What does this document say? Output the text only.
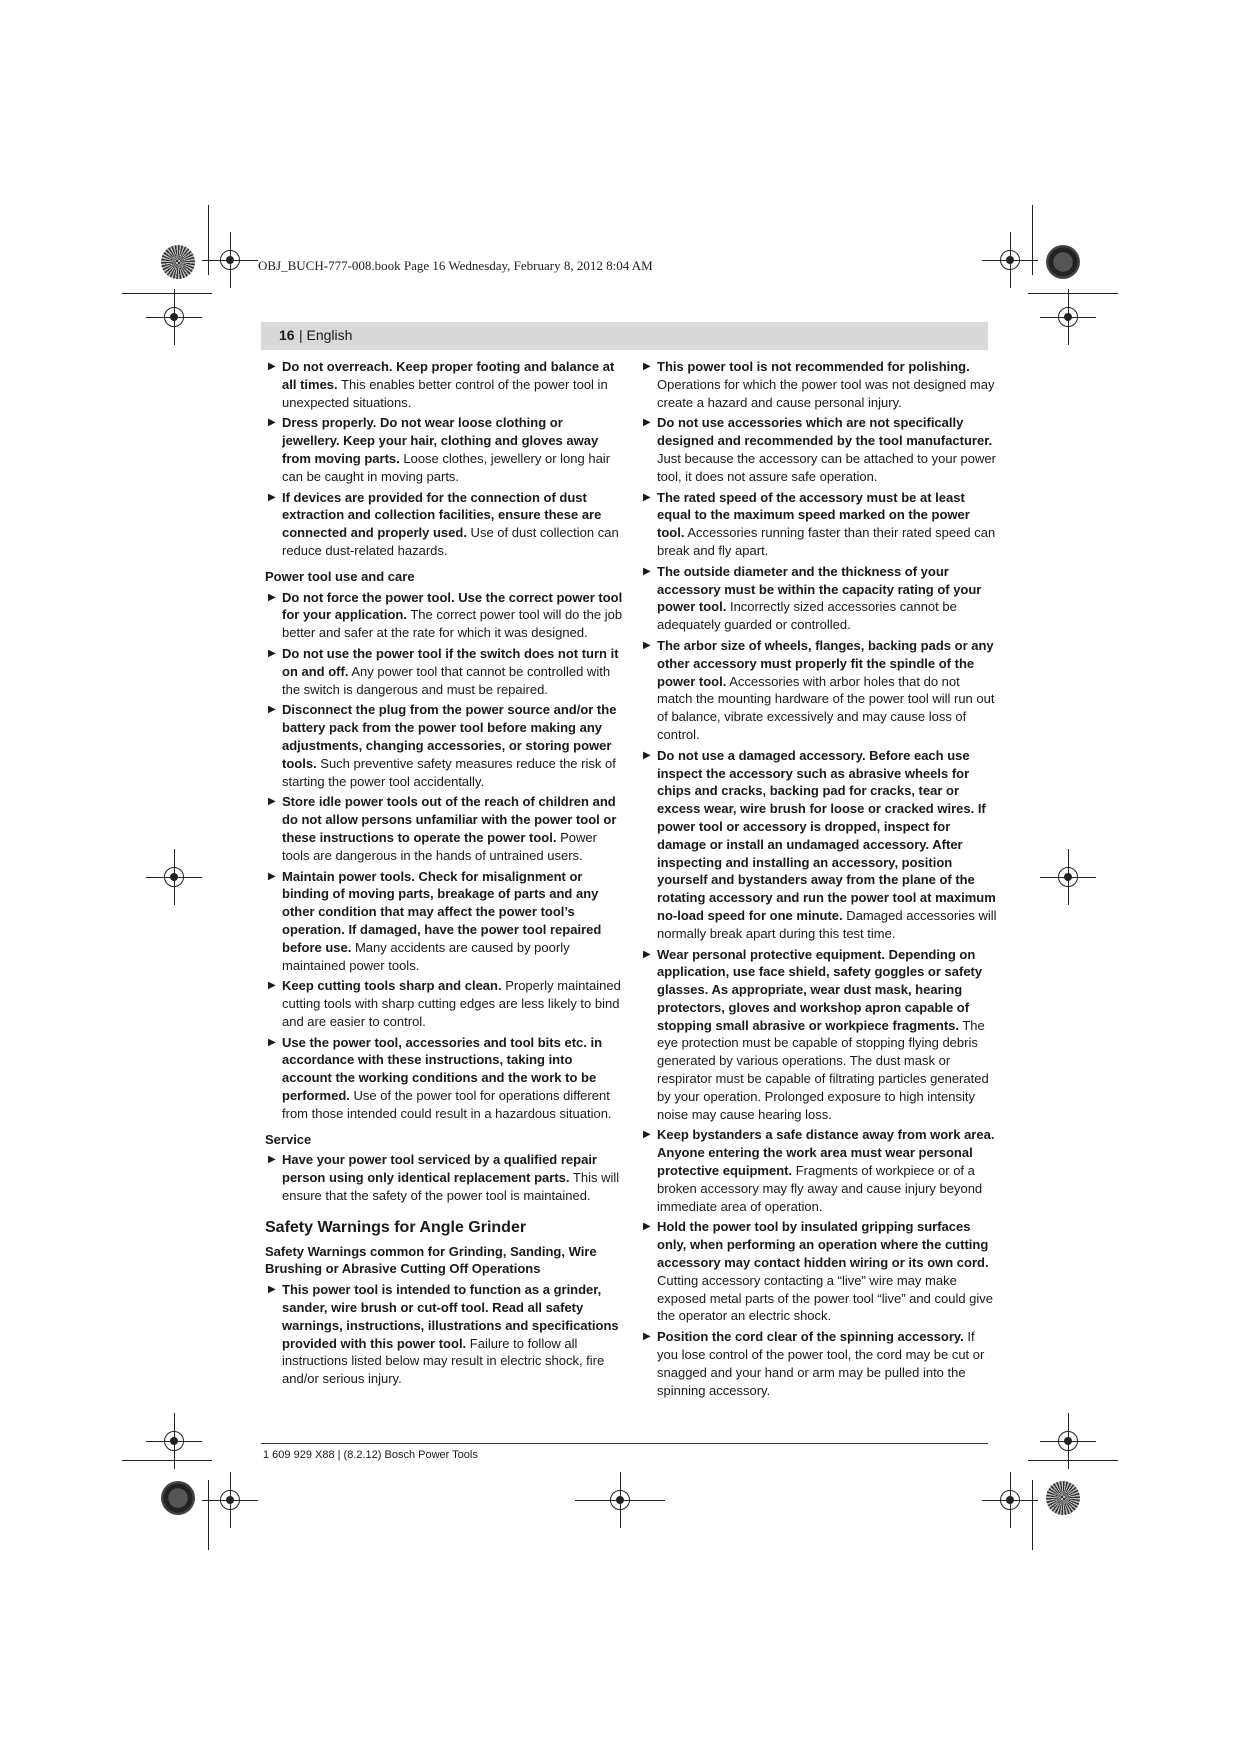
OBJ_BUCH-777-008.book Page 16 Wednesday, February 8, 2012 8:04 AM
16 | English
▶ Do not overreach. Keep proper footing and balance at all times. This enables better control of the power tool in unexpected situations.
▶ Dress properly. Do not wear loose clothing or jewellery. Keep your hair, clothing and gloves away from moving parts. Loose clothes, jewellery or long hair can be caught in moving parts.
▶ If devices are provided for the connection of dust extraction and collection facilities, ensure these are connected and properly used. Use of dust collection can reduce dust-related hazards.
Power tool use and care
▶ Do not force the power tool. Use the correct power tool for your application. The correct power tool will do the job better and safer at the rate for which it was designed.
▶ Do not use the power tool if the switch does not turn it on and off. Any power tool that cannot be controlled with the switch is dangerous and must be repaired.
▶ Disconnect the plug from the power source and/or the battery pack from the power tool before making any adjustments, changing accessories, or storing power tools. Such preventive safety measures reduce the risk of starting the power tool accidentally.
▶ Store idle power tools out of the reach of children and do not allow persons unfamiliar with the power tool or these instructions to operate the power tool. Power tools are dangerous in the hands of untrained users.
▶ Maintain power tools. Check for misalignment or binding of moving parts, breakage of parts and any other condition that may affect the power tool’s operation. If damaged, have the power tool repaired before use. Many accidents are caused by poorly maintained power tools.
▶ Keep cutting tools sharp and clean. Properly maintained cutting tools with sharp cutting edges are less likely to bind and are easier to control.
▶ Use the power tool, accessories and tool bits etc. in accordance with these instructions, taking into account the working conditions and the work to be performed. Use of the power tool for operations different from those intended could result in a hazardous situation.
Service
▶ Have your power tool serviced by a qualified repair person using only identical replacement parts. This will ensure that the safety of the power tool is maintained.
Safety Warnings for Angle Grinder
Safety Warnings common for Grinding, Sanding, Wire Brushing or Abrasive Cutting Off Operations
▶ This power tool is intended to function as a grinder, sander, wire brush or cut-off tool. Read all safety warnings, instructions, illustrations and specifications provided with this power tool. Failure to follow all instructions listed below may result in electric shock, fire and/or serious injury.
▶ This power tool is not recommended for polishing. Operations for which the power tool was not designed may create a hazard and cause personal injury.
▶ Do not use accessories which are not specifically designed and recommended by the tool manufacturer. Just because the accessory can be attached to your power tool, it does not assure safe operation.
▶ The rated speed of the accessory must be at least equal to the maximum speed marked on the power tool. Accessories running faster than their rated speed can break and fly apart.
▶ The outside diameter and the thickness of your accessory must be within the capacity rating of your power tool. Incorrectly sized accessories cannot be adequately guarded or controlled.
▶ The arbor size of wheels, flanges, backing pads or any other accessory must properly fit the spindle of the power tool. Accessories with arbor holes that do not match the mounting hardware of the power tool will run out of balance, vibrate excessively and may cause loss of control.
▶ Do not use a damaged accessory. Before each use inspect the accessory such as abrasive wheels for chips and cracks, backing pad for cracks, tear or excess wear, wire brush for loose or cracked wires. If power tool or accessory is dropped, inspect for damage or install an undamaged accessory. After inspecting and installing an accessory, position yourself and bystanders away from the plane of the rotating accessory and run the power tool at maximum no-load speed for one minute. Damaged accessories will normally break apart during this test time.
▶ Wear personal protective equipment. Depending on application, use face shield, safety goggles or safety glasses. As appropriate, wear dust mask, hearing protectors, gloves and workshop apron capable of stopping small abrasive or workpiece fragments. The eye protection must be capable of stopping flying debris generated by various operations. The dust mask or respirator must be capable of filtrating particles generated by your operation. Prolonged exposure to high intensity noise may cause hearing loss.
▶ Keep bystanders a safe distance away from work area. Anyone entering the work area must wear personal protective equipment. Fragments of workpiece or of a broken accessory may fly away and cause injury beyond immediate area of operation.
▶ Hold the power tool by insulated gripping surfaces only, when performing an operation where the cutting accessory may contact hidden wiring or its own cord. Cutting accessory contacting a “live” wire may make exposed metal parts of the power tool “live” and could give the operator an electric shock.
▶ Position the cord clear of the spinning accessory. If you lose control of the power tool, the cord may be cut or snagged and your hand or arm may be pulled into the spinning accessory.
1 609 929 X88 | (8.2.12) Bosch Power Tools
